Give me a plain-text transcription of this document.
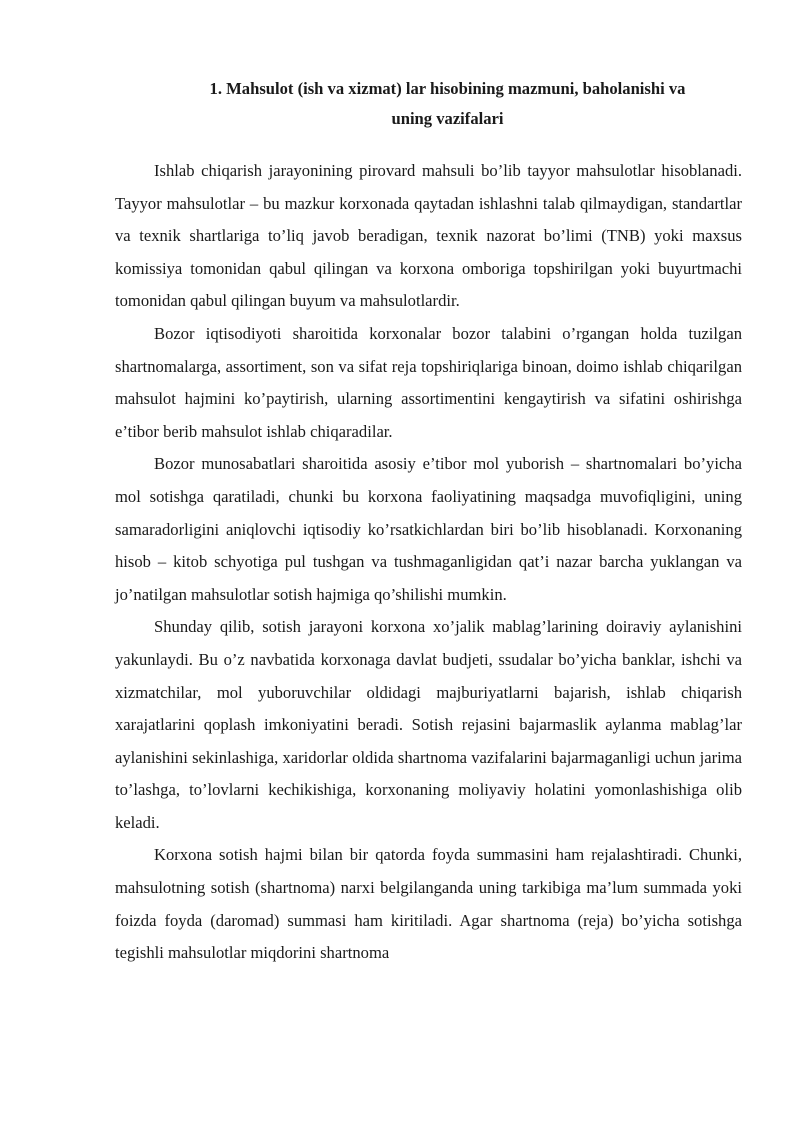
1. Mahsulot (ish va xizmat) lar hisobining mazmuni, baholanishi va
uning vazifalari

Ishlab chiqarish jarayonining pirovard mahsuli bo’lib tayyor mahsulotlar hisoblanadi. Tayyor mahsulotlar – bu mazkur korxonada qaytadan ishlashni talab qilmaydigan, standartlar va texnik shartlariga to’liq javob beradigan, texnik nazorat bo’limi (TNB) yoki maxsus komissiya tomonidan qabul qilingan va korxona omboriga topshirilgan yoki buyurtmachi tomonidan qabul qilingan buyum va mahsulotlardir.

Bozor iqtisodiyoti sharoitida korxonalar bozor talabini o’rgangan holda tuzilgan shartnomalarga, assortiment, son va sifat reja topshiriqlariga binoan, doimo ishlab chiqarilgan mahsulot hajmini ko’paytirish, ularning assortimentini kengaytirish va sifatini oshirishga e’tibor berib mahsulot ishlab chiqaradilar.

Bozor munosabatlari sharoitida asosiy e’tibor mol yuborish – shartnomalari bo’yicha mol sotishga qaratiladi, chunki bu korxona faoliyatining maqsadga muvofiqligini, uning samaradorligini aniqlovchi iqtisodiy ko’rsatkichlardan biri bo’lib hisoblanadi. Korxonaning hisob – kitob schyotiga pul tushgan va tushmaganligidan qat’i nazar barcha yuklangan va jo’natilgan mahsulotlar sotish hajmiga qo’shilishi mumkin.

Shunday qilib, sotish jarayoni korxona xo’jalik mablag’larining doiraviy aylanishini yakunlaydi. Bu o’z navbatida korxonaga davlat budjeti, ssudalar bo’yicha banklar, ishchi va xizmatchilar, mol yuboruvchilar oldidagi majburiyatlarni bajarish, ishlab chiqarish xarajatlarini qoplash imkoniyatini beradi. Sotish rejasini bajarmaslik aylanma mablag’lar aylanishini sekinlashiga, xaridorlar oldida shartnoma vazifalarini bajarmaganligi uchun jarima to’lashga, to’lovlarni kechikishiga, korxonaning moliyaviy holatini yomonlashishiga olib keladi.

Korxona sotish hajmi bilan bir qatorda foyda summasini ham rejalashtiradi. Chunki, mahsulotning sotish (shartnoma) narxi belgilanganda uning tarkibiga ma’lum summada yoki foizda foyda (daromad) summasi ham kiritiladi. Agar shartnoma (reja) bo’yicha sotishga tegishli mahsulotlar miqdorini shartnoma
